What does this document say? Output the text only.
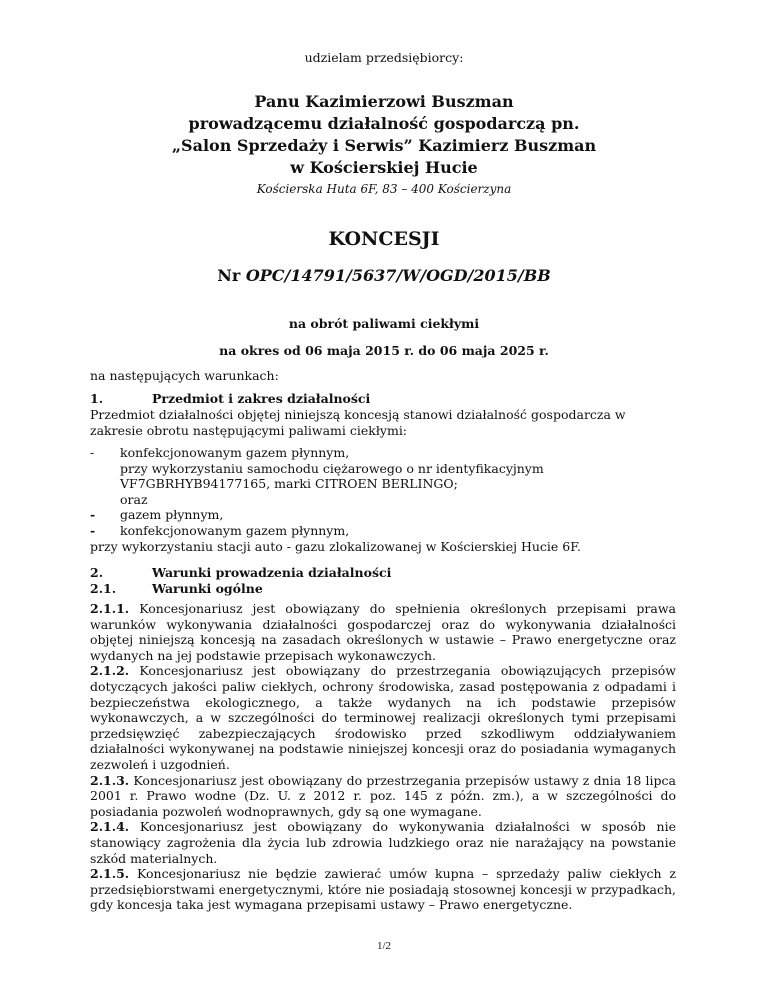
udzielam przedsiębiorcy:
Panu Kazimierzowi Buszman
prowadzącemu działalność gospodarczą pn.
„Salon Sprzedaży i Serwis” Kazimierz Buszman
w Kościerskiej Hucie
Kościerska Huta 6F, 83 – 400 Kościerzyna
KONCESJI
Nr OPC/14791/5637/W/OGD/2015/BB
na obrót paliwami ciekłymi
na okres od 06 maja 2015 r. do 06 maja 2025 r.
na następujących warunkach:
1.	Przedmiot i zakres działalności
Przedmiot działalności objętej niniejszą koncesją stanowi działalność gospodarcza w zakresie obrotu następującymi paliwami ciekłymi:
-	konfekcjonowanym gazem płynnym,
przy wykorzystaniu samochodu ciężarowego o nr identyfikacyjnym VF7GBRHYB94177165, marki CITROEN BERLINGO;
oraz
-	gazem płynnym,
-	konfekcjonowanym gazem płynnym,
przy wykorzystaniu stacji auto - gazu zlokalizowanej w Kościerskiej Hucie 6F.
2.	Warunki prowadzenia działalności
2.1.	Warunki ogólne

2.1.1. Koncesjonariusz jest obowiązany do spełnienia określonych przepisami prawa warunków wykonywania działalności gospodarczej oraz do wykonywania działalności objętej niniejszą koncesją na zasadach określonych w ustawie – Prawo energetyczne oraz wydanych na jej podstawie przepisach wykonawczych.

2.1.2. Koncesjonariusz jest obowiązany do przestrzegania obowiązujących przepisów dotyczących jakości paliw ciekłych, ochrony środowiska, zasad postępowania z odpadami i bezpieczeństwa ekologicznego, a także wydanych na ich podstawie przepisów wykonawczych, a w szczególności do terminowej realizacji określonych tymi przepisami przedsięwzięć zabezpieczających środowisko przed szkodliwym oddziaływaniem działalności wykonywanej na podstawie niniejszej koncesji oraz do posiadania wymaganych zezwoleń i uzgodnień.

2.1.3. Koncesjonariusz jest obowiązany do przestrzegania przepisów ustawy z dnia 18 lipca 2001 r. Prawo wodne (Dz. U. z 2012 r. poz. 145 z późn. zm.), a w szczególności do posiadania pozwoleń wodnoprawnych, gdy są one wymagane.

2.1.4. Koncesjonariusz jest obowiązany do wykonywania działalności w sposób nie stanowiący zagrożenia dla życia lub zdrowia ludzkiego oraz nie narażający na powstanie szkód materialnych.

2.1.5. Koncesjonariusz nie będzie zawierać umów kupna – sprzedaży paliw ciekłych z przedsiębiorstwami energetycznymi, które nie posiadają stosownej koncesji w przypadkach, gdy koncesja taka jest wymagana przepisami ustawy – Prawo energetyczne.

1/2
